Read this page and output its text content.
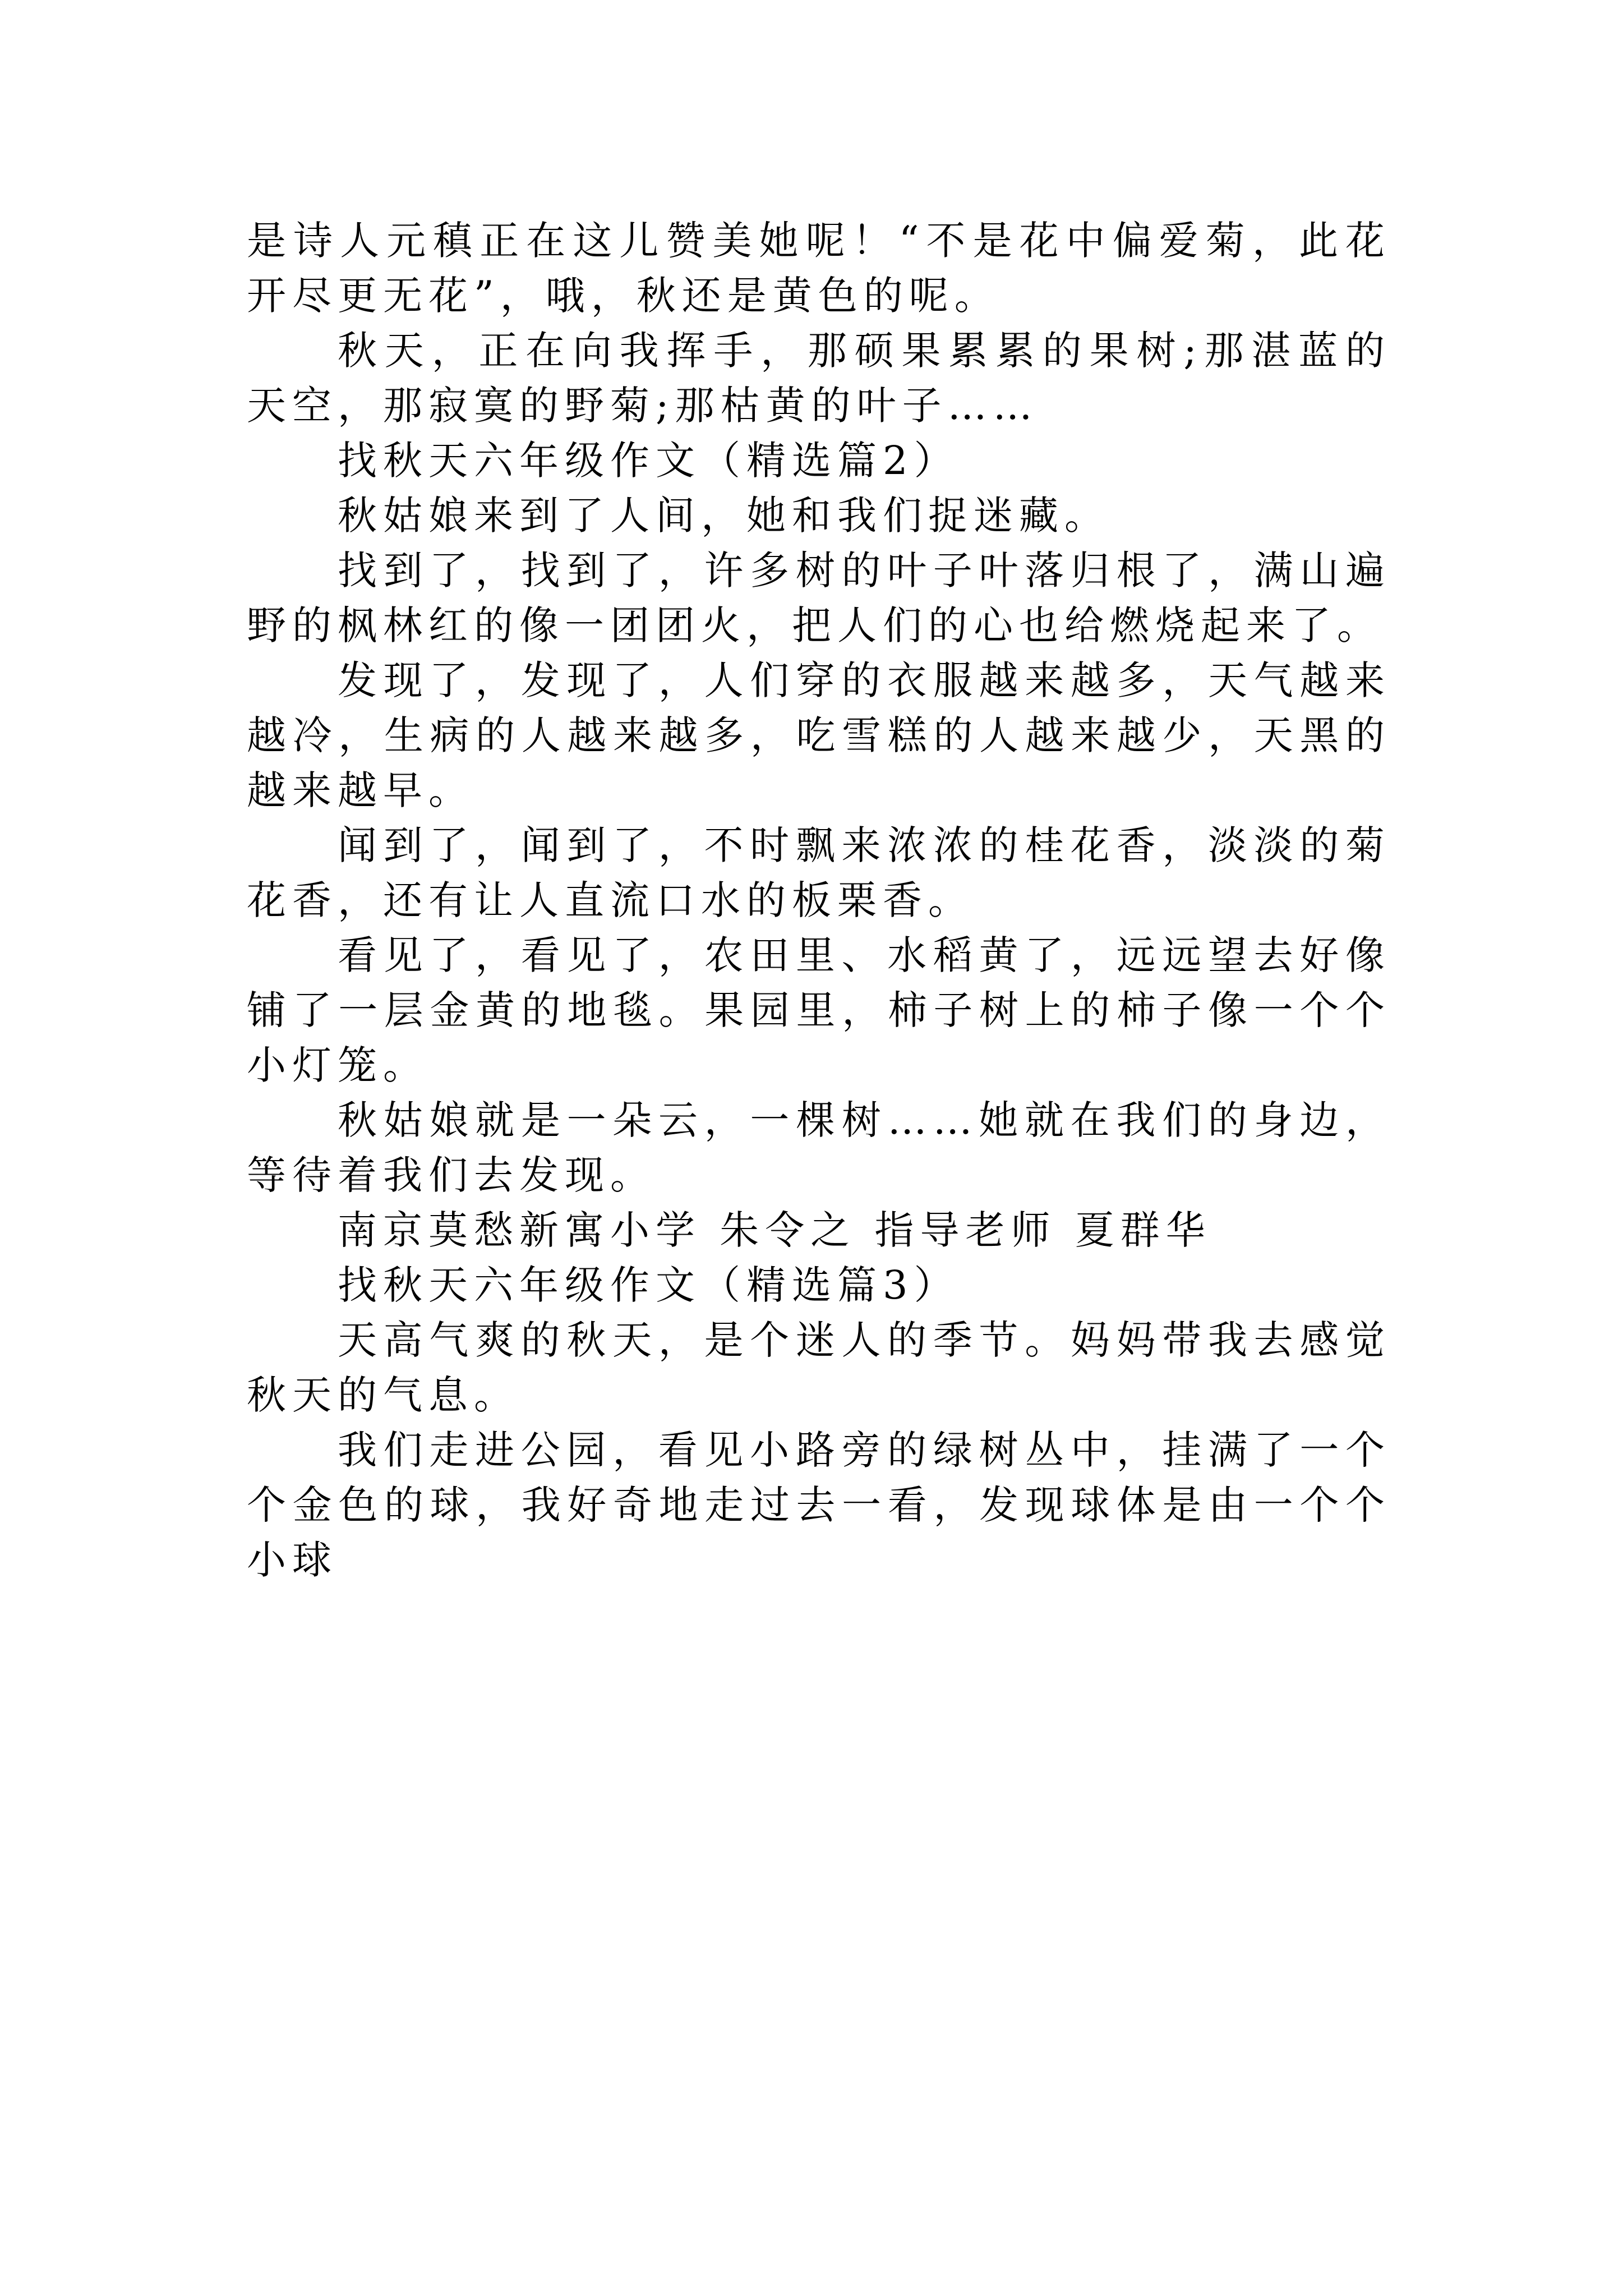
是诗人元稹正在这儿赞美她呢！“不是花中偏爱菊，此花开尽更无花”，哦，秋还是黄色的呢。

秋天，正在向我挥手，那硕果累累的果树;那湛蓝的天空，那寂寞的野菊;那枯黄的叶子……

找秋天六年级作文（精选篇2）

秋姑娘来到了人间，她和我们捉迷藏。

找到了，找到了，许多树的叶子叶落归根了，满山遍野的枫林红的像一团团火，把人们的心也给燃烧起来了。

发现了，发现了，人们穿的衣服越来越多，天气越来越冷，生病的人越来越多，吃雪糕的人越来越少，天黑的越来越早。

闻到了，闻到了，不时飘来浓浓的桂花香，淡淡的菊花香，还有让人直流口水的板栗香。

看见了，看见了，农田里、水稻黄了，远远望去好像铺了一层金黄的地毯。果园里，柿子树上的柿子像一个个小灯笼。

秋姑娘就是一朵云，一棵树……她就在我们的身边，等待着我们去发现。

南京莫愁新寓小学 朱令之 指导老师 夏群华

找秋天六年级作文（精选篇3）

天高气爽的秋天，是个迷人的季节。妈妈带我去感觉秋天的气息。

我们走进公园，看见小路旁的绿树丛中，挂满了一个个金色的球，我好奇地走过去一看，发现球体是由一个个小球
